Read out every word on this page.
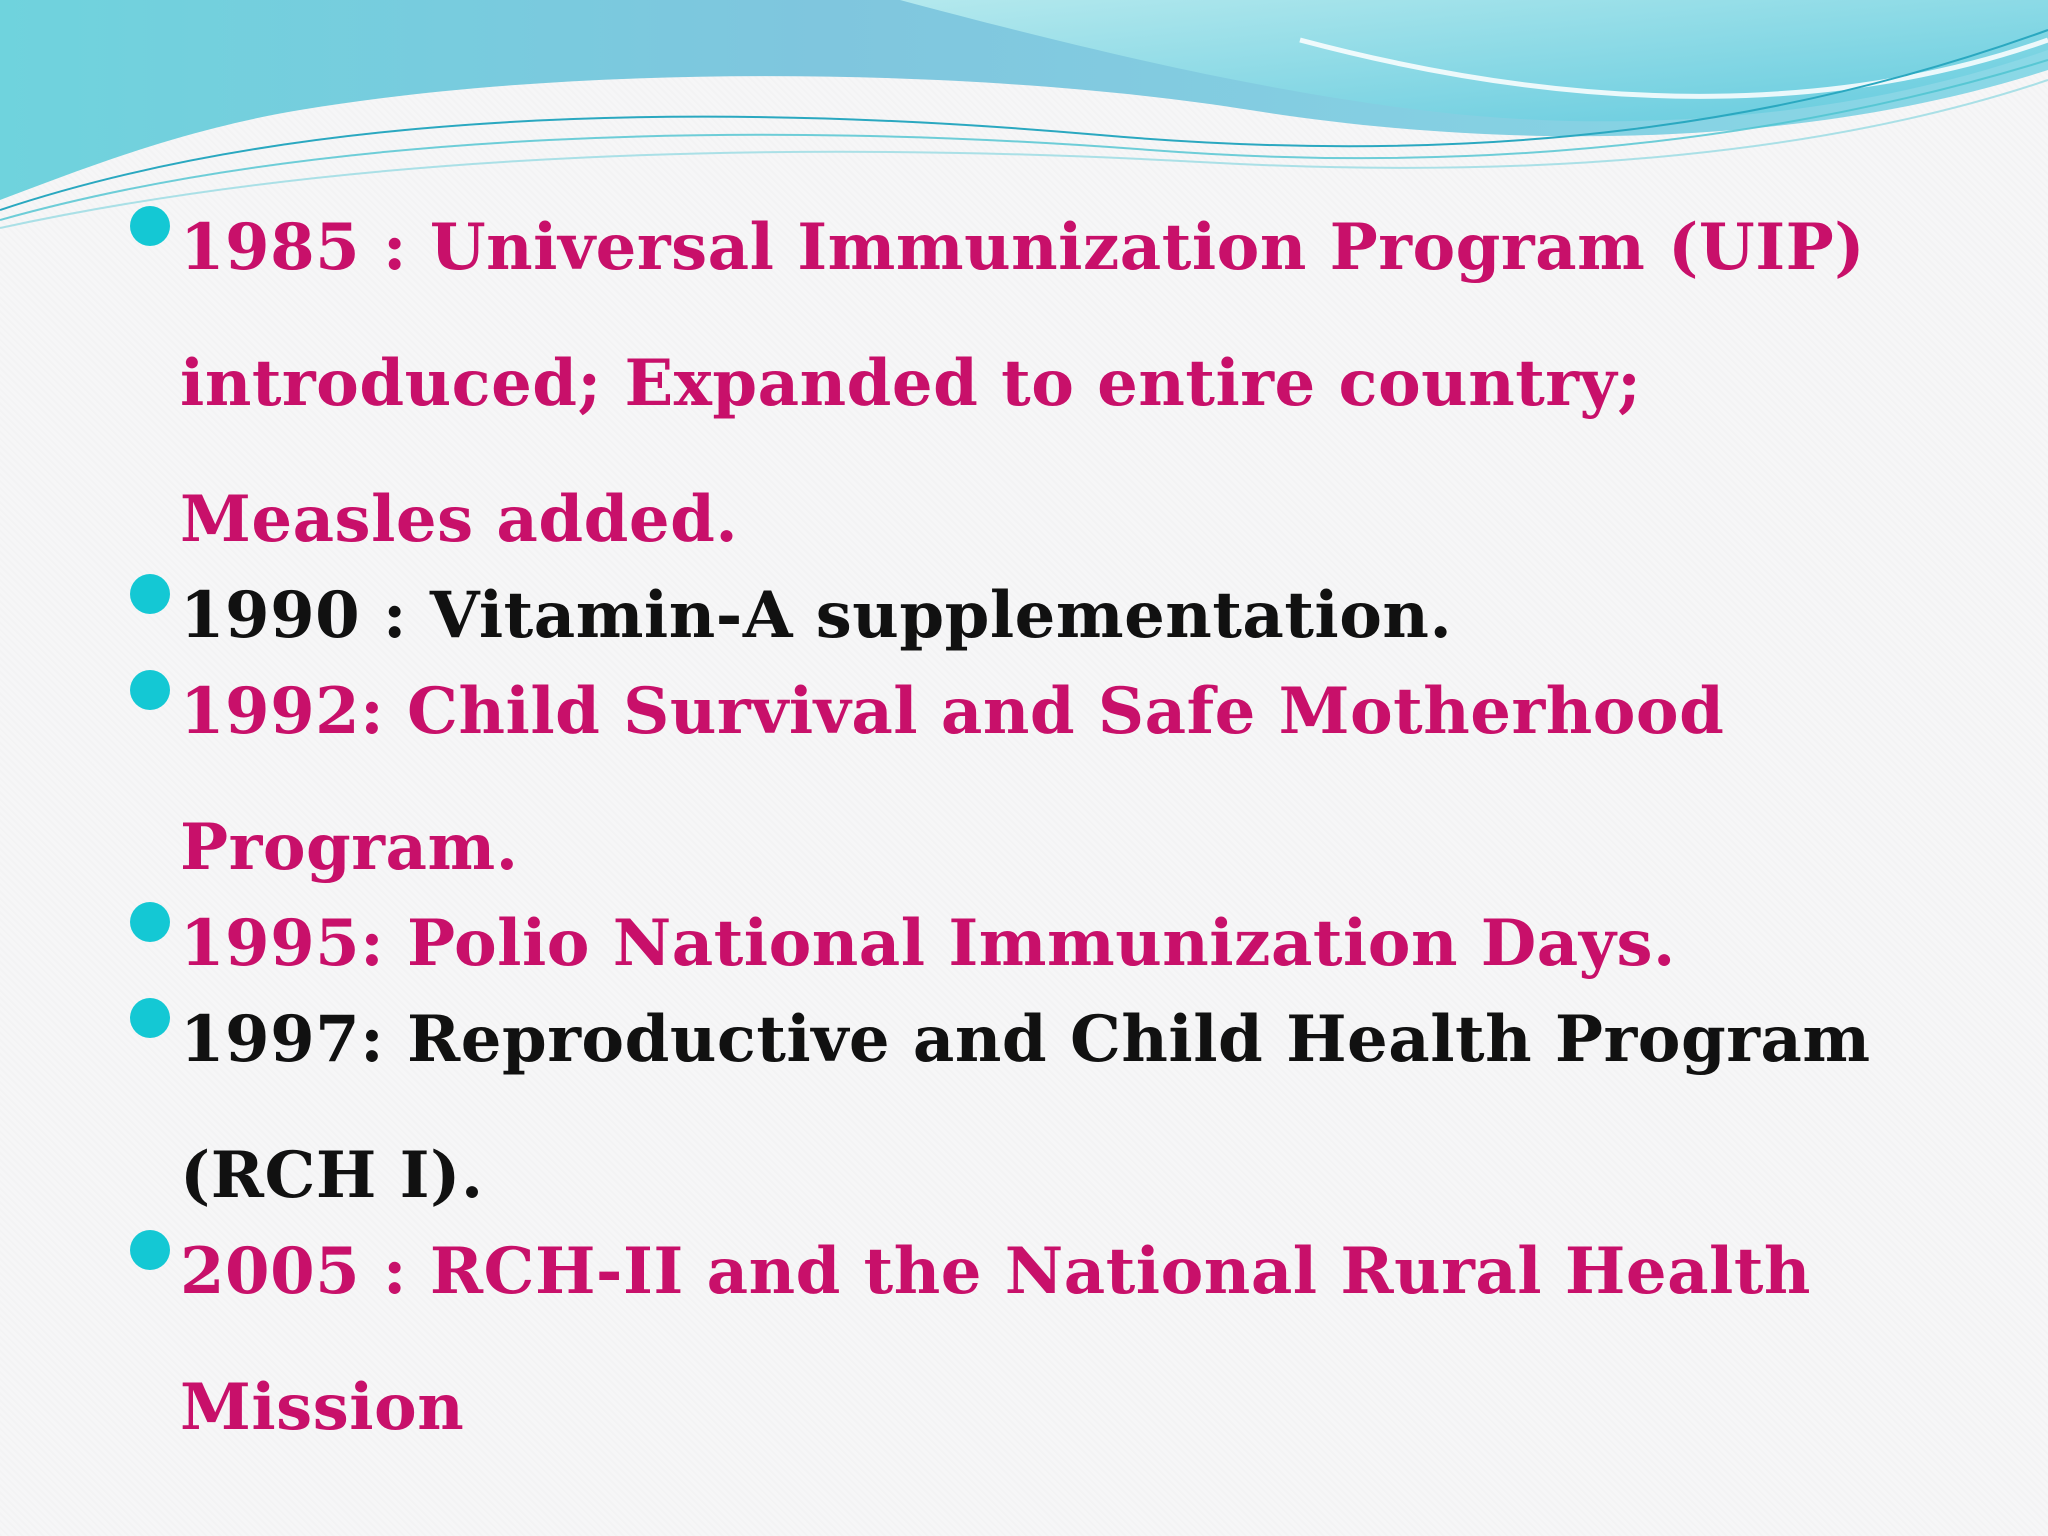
1985 : Universal Immunization Program (UIP) introduced; Expanded to entire country; Measles added.
1990 : Vitamin-A supplementation.
1992: Child Survival and Safe Motherhood Program.
1995: Polio National Immunization Days.
1997: Reproductive and Child Health Program (RCH I).
2005 : RCH-II and the National Rural Health Mission
